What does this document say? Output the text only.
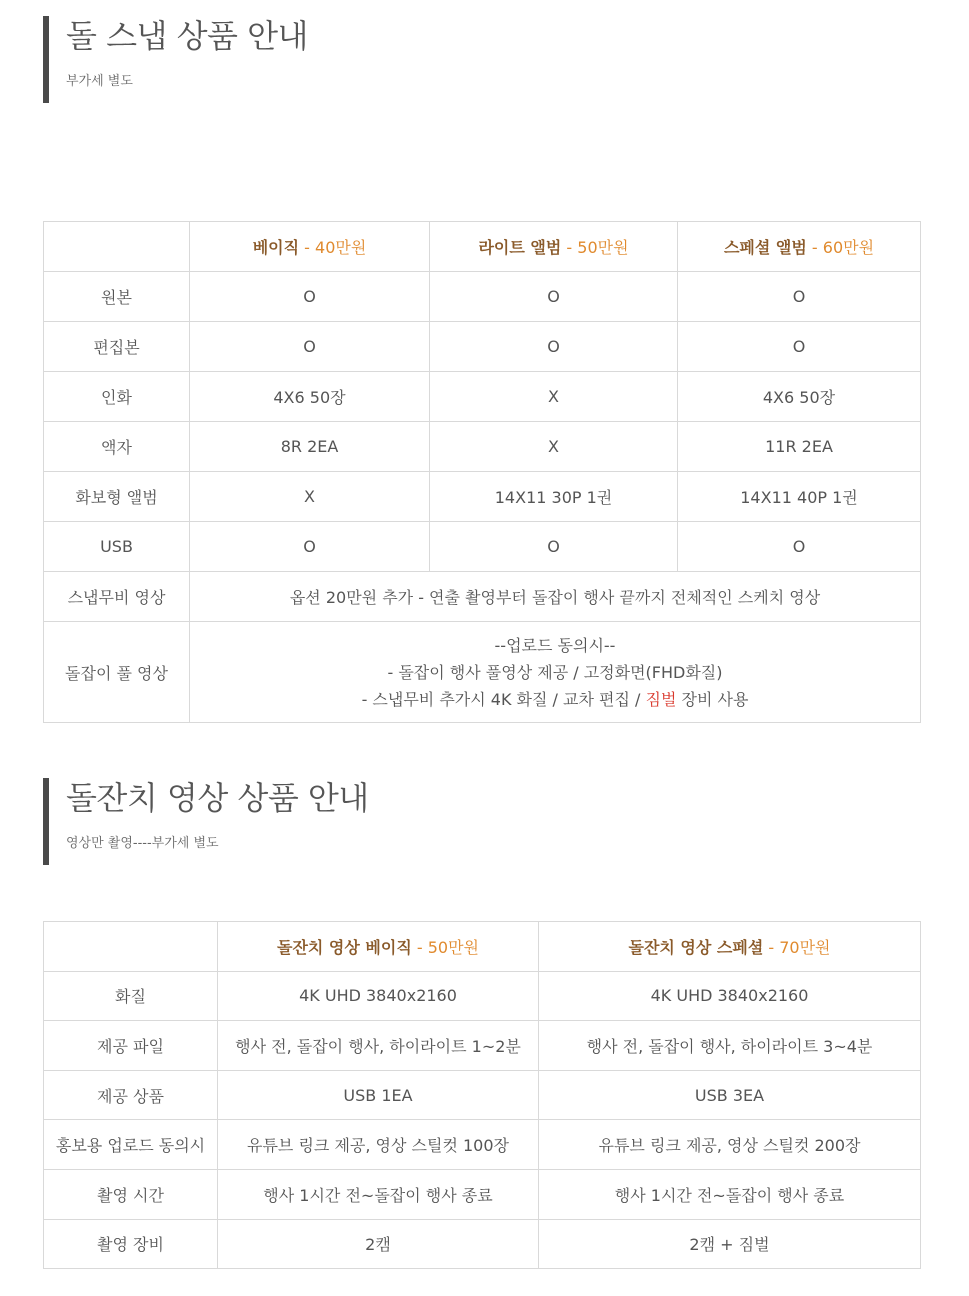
돌 스냅 상품 안내
부가세 별도
	베이직 - 40만원	라이트 앨범 - 50만원	스페셜 앨범 - 60만원
원본	O	O	O
편집본	O	O	O
인화	4X6 50장	X	4X6 50장
액자	8R 2EA	X	11R 2EA
화보형 앨범	X	14X11 30P 1권	14X11 40P 1권
USB	O	O	O
스냅무비 영상	옵션 20만원 추가 - 연출 촬영부터 돌잡이 행사 끝까지 전체적인 스케치 영상		
돌잡이 풀 영상	--업로드 동의시--
- 돌잡이 행사 풀영상 제공 / 고정화면(FHD화질)
- 스냅무비 추가시 4K 화질 / 교차 편집 / 짐벌 장비 사용		
돌잔치 영상 상품 안내
영상만 촬영----부가세 별도
	돌잔치 영상 베이직 - 50만원	돌잔치 영상 스페셜 - 70만원
화질	4K UHD 3840x2160	4K UHD 3840x2160
제공 파일	행사 전, 돌잡이 행사, 하이라이트 1~2분	행사 전, 돌잡이 행사, 하이라이트 3~4분
제공 상품	USB 1EA	USB 3EA
홍보용 업로드 동의시	유튜브 링크 제공, 영상 스틸컷 100장	유튜브 링크 제공, 영상 스틸컷 200장
촬영 시간	행사 1시간 전~돌잡이 행사 종료	행사 1시간 전~돌잡이 행사 종료
촬영 장비	2캠	2캠 + 짐벌
